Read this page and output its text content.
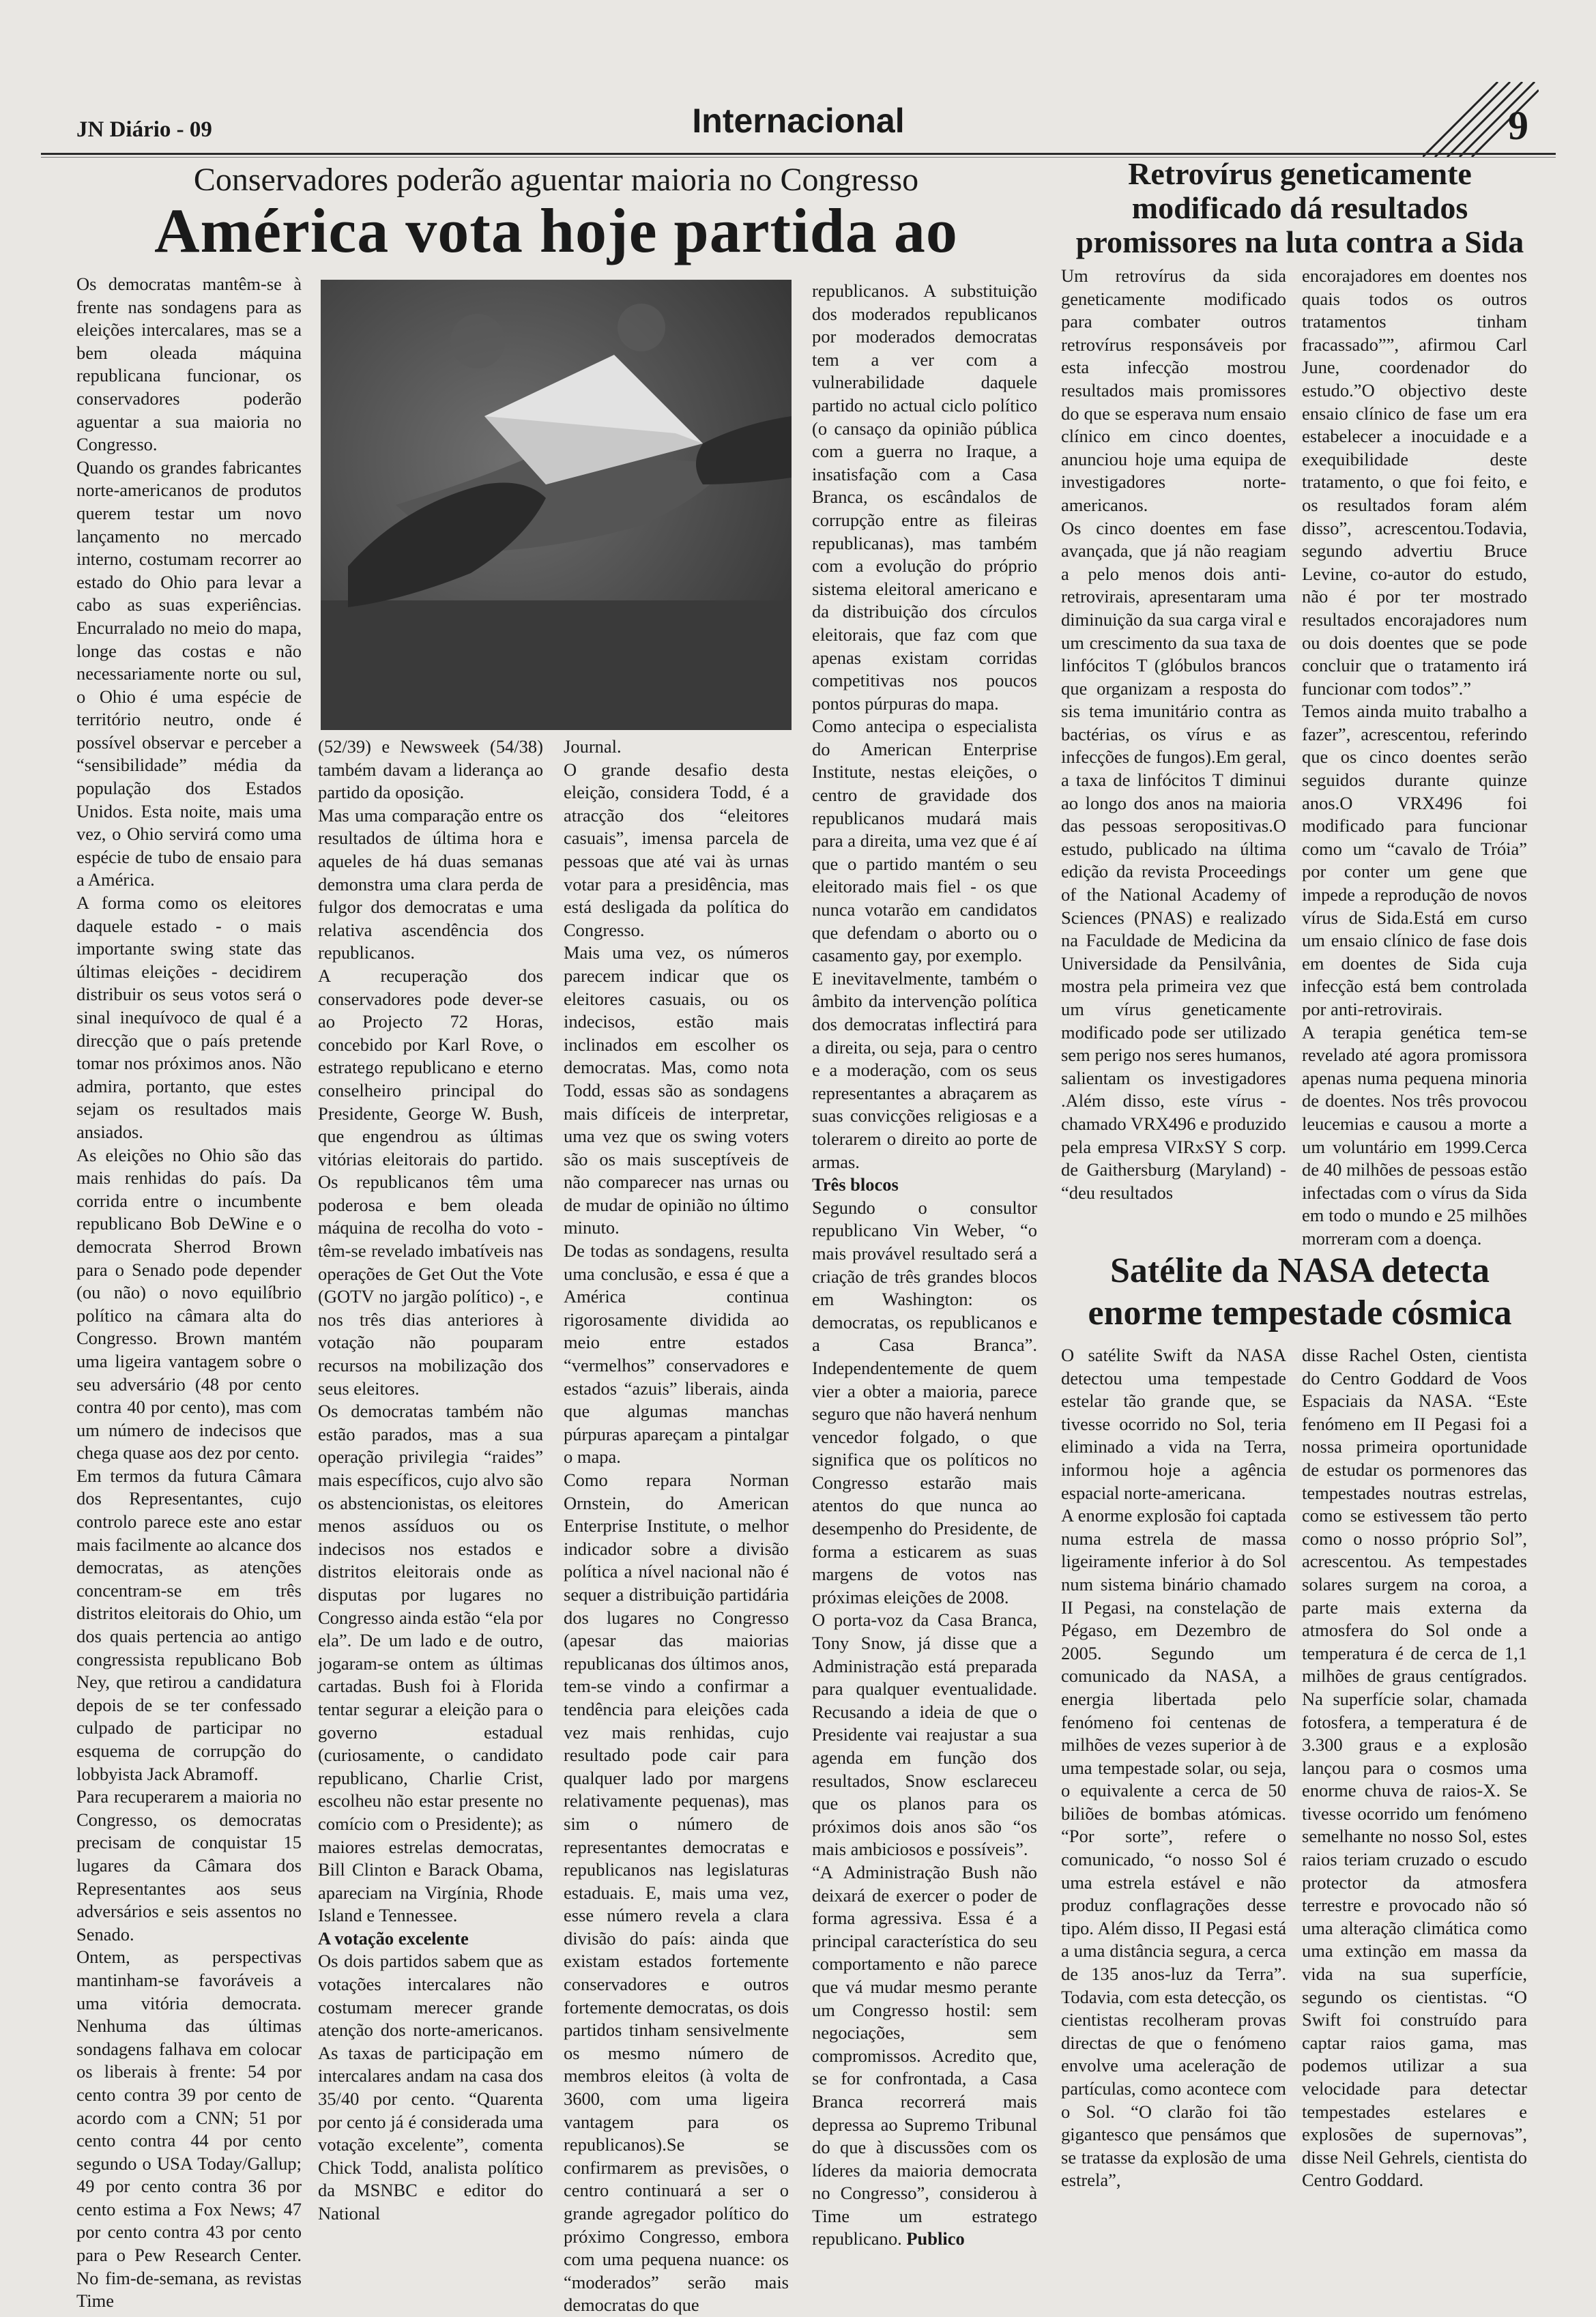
JN Diário - 09	Internacional	9
Conservadores poderão aguentar maioria no Congresso
América vota hoje partida ao

Os democratas mantêm-se à frente nas sondagens para as eleições intercalares, mas se a bem oleada máquina republicana funcionar, os conservadores poderão aguentar a sua maioria no Congresso.

Quando os grandes fabricantes norte-americanos de produtos querem testar um novo lançamento no mercado interno, costumam recorrer ao estado do Ohio para levar a cabo as suas experiências. Encurralado no meio do mapa, longe das costas e não necessariamente norte ou sul, o Ohio é uma espécie de território neutro, onde é possível observar e perceber a “sensibilidade” média da população dos Estados Unidos. Esta noite, mais uma vez, o Ohio servirá como uma espécie de tubo de ensaio para a América.

A forma como os eleitores daquele estado - o mais importante swing state das últimas eleições - decidirem distribuir os seus votos será o sinal inequívoco de qual é a direcção que o país pretende tomar nos próximos anos. Não admira, portanto, que estes sejam os resultados mais ansiados.

As eleições no Ohio são das mais renhidas do país. Da corrida entre o incumbente republicano Bob DeWine e o democrata Sherrod Brown para o Senado pode depender (ou não) o novo equilíbrio político na câmara alta do Congresso. Brown mantém uma ligeira vantagem sobre o seu adversário (48 por cento contra 40 por cento), mas com um número de indecisos que chega quase aos dez por cento.

Em termos da futura Câmara dos Representantes, cujo controlo parece este ano estar mais facilmente ao alcance dos democratas, as atenções concentram-se em três distritos eleitorais do Ohio, um dos quais pertencia ao antigo congressista republicano Bob Ney, que retirou a candidatura depois de se ter confessado culpado de participar no esquema de corrupção do lobbyista Jack Abramoff.

Para recuperarem a maioria no Congresso, os democratas precisam de conquistar 15 lugares da Câmara dos Representantes aos seus adversários e seis assentos no Senado.

Ontem, as perspectivas mantinham-se favoráveis a uma vitória democrata. Nenhuma das últimas sondagens falhava em colocar os liberais à frente: 54 por cento contra 39 por cento de acordo com a CNN; 51 por cento contra 44 por cento segundo o USA Today/Gallup; 49 por cento contra 36 por cento estima a Fox News; 47 por cento contra 43 por cento para o Pew Research Center. No fim-de-semana, as revistas Time

(52/39) e Newsweek (54/38) também davam a liderança ao partido da oposição.

Mas uma comparação entre os resultados de última hora e aqueles de há duas semanas demonstra uma clara perda de fulgor dos democratas e uma relativa ascendência dos republicanos.

A recuperação dos conservadores pode dever-se ao Projecto 72 Horas, concebido por Karl Rove, o estratego republicano e eterno conselheiro principal do Presidente, George W. Bush, que engendrou as últimas vitórias eleitorais do partido. Os republicanos têm uma poderosa e bem oleada máquina de recolha do voto - têm-se revelado imbatíveis nas operações de Get Out the Vote (GOTV no jargão político) -, e nos três dias anteriores à votação não pouparam recursos na mobilização dos seus eleitores.

Os democratas também não estão parados, mas a sua operação privilegia “raides” mais específicos, cujo alvo são os abstencionistas, os eleitores menos assíduos ou os indecisos nos estados e distritos eleitorais onde as disputas por lugares no Congresso ainda estão “ela por ela”. De um lado e de outro, jogaram-se ontem as últimas cartadas. Bush foi à Florida tentar segurar a eleição para o governo estadual (curiosamente, o candidato republicano, Charlie Crist, escolheu não estar presente no comício com o Presidente); as maiores estrelas democratas, Bill Clinton e Barack Obama, apareciam na Virgínia, Rhode Island e Tennessee.

A votação excelente

Os dois partidos sabem que as votações intercalares não costumam merecer grande atenção dos norte-americanos. As taxas de participação em intercalares andam na casa dos 35/40 por cento. “Quarenta por cento já é considerada uma votação excelente”, comenta Chick Todd, analista político da MSNBC e editor do National

Journal.

O grande desafio desta eleição, considera Todd, é a atracção dos “eleitores casuais”, imensa parcela de pessoas que até vai às urnas votar para a presidência, mas está desligada da política do Congresso.

Mais uma vez, os números parecem indicar que os eleitores casuais, ou os indecisos, estão mais inclinados em escolher os democratas. Mas, como nota Todd, essas são as sondagens mais difíceis de interpretar, uma vez que os swing voters são os mais susceptíveis de não comparecer nas urnas ou de mudar de opinião no último minuto.

De todas as sondagens, resulta uma conclusão, e essa é que a América continua rigorosamente dividida ao meio entre estados “vermelhos” conservadores e estados “azuis” liberais, ainda que algumas manchas púrpuras apareçam a pintalgar o mapa.

Como repara Norman Ornstein, do American Enterprise Institute, o melhor indicador sobre a divisão política a nível nacional não é sequer a distribuição partidária dos lugares no Congresso (apesar das maiorias republicanas dos últimos anos, tem-se vindo a confirmar a tendência para eleições cada vez mais renhidas, cujo resultado pode cair para qualquer lado por margens relativamente pequenas), mas sim o número de representantes democratas e republicanos nas legislaturas estaduais. E, mais uma vez, esse número revela a clara divisão do país: ainda que existam estados fortemente conservadores e outros fortemente democratas, os dois partidos tinham sensivelmente os mesmo número de membros eleitos (à volta de 3600, com uma ligeira vantagem para os republicanos).Se se confirmarem as previsões, o centro continuará a ser o grande agregador político do próximo Congresso, embora com uma pequena nuance: os “moderados” serão mais democratas do que

republicanos. A substituição dos moderados republicanos por moderados democratas tem a ver com a vulnerabilidade daquele partido no actual ciclo político (o cansaço da opinião pública com a guerra no Iraque, a insatisfação com a Casa Branca, os escândalos de corrupção entre as fileiras republicanas), mas também com a evolução do próprio sistema eleitoral americano e da distribuição dos círculos eleitorais, que faz com que apenas existam corridas competitivas nos poucos pontos púrpuras do mapa.

Como antecipa o especialista do American Enterprise Institute, nestas eleições, o centro de gravidade dos republicanos mudará mais para a direita, uma vez que é aí que o partido mantém o seu eleitorado mais fiel - os que nunca votarão em candidatos que defendam o aborto ou o casamento gay, por exemplo.

E inevitavelmente, também o âmbito da intervenção política dos democratas inflectirá para a direita, ou seja, para o centro e a moderação, com os seus representantes a abraçarem as suas convicções religiosas e a tolerarem o direito ao porte de armas.

Três blocos

Segundo o consultor republicano Vin Weber, “o mais provável resultado será a criação de três grandes blocos em Washington: os democratas, os republicanos e a Casa Branca”. Independentemente de quem vier a obter a maioria, parece seguro que não haverá nenhum vencedor folgado, o que significa que os políticos no Congresso estarão mais atentos do que nunca ao desempenho do Presidente, de forma a esticarem as suas margens de votos nas próximas eleições de 2008.

O porta-voz da Casa Branca, Tony Snow, já disse que a Administração está preparada para qualquer eventualidade. Recusando a ideia de que o Presidente vai reajustar a sua agenda em função dos resultados, Snow esclareceu que os planos para os próximos dois anos são “os mais ambiciosos e possíveis”.

“A Administração Bush não deixará de exercer o poder de forma agressiva. Essa é a principal característica do seu comportamento e não parece que vá mudar mesmo perante um Congresso hostil: sem negociações, sem compromissos. Acredito que, se for confrontada, a Casa Branca recorrerá mais depressa ao Supremo Tribunal do que à discussões com os líderes da maioria democrata no Congresso”, considerou à Time um estratego republicano. Publico

Retrovírus geneticamente modificado dá resultados promissores na luta contra a Sida

Um retrovírus da sida geneticamente modificado para combater outros retrovírus responsáveis por esta infecção mostrou resultados mais promissores do que se esperava num ensaio clínico em cinco doentes, anunciou hoje uma equipa de investigadores norte-americanos.

Os cinco doentes em fase avançada, que já não reagiam a pelo menos dois anti-retrovirais, apresentaram uma diminuição da sua carga viral e um crescimento da sua taxa de linfócitos T (glóbulos brancos que organizam a resposta do sis tema imunitário contra as bactérias, os vírus e as infecções de fungos).Em geral, a taxa de linfócitos T diminui ao longo dos anos na maioria das pessoas seropositivas.O estudo, publicado na última edição da revista Proceedings of the National Academy of Sciences (PNAS) e realizado na Faculdade de Medicina da Universidade da Pensilvânia, mostra pela primeira vez que um vírus geneticamente modificado pode ser utilizado sem perigo nos seres humanos, salientam os investigadores .Além disso, este vírus - chamado VRX496 e produzido pela empresa VIRxSY S corp. de Gaithersburg (Maryland) - “deu resultados

encorajadores em doentes nos quais todos os outros tratamentos tinham fracassado””, afirmou Carl June, coordenador do estudo.”O objectivo deste ensaio clínico de fase um era estabelecer a inocuidade e a exequibilidade deste tratamento, o que foi feito, e os resultados foram além disso”, acrescentou.Todavia, segundo advertiu Bruce Levine, co-autor do estudo, não é por ter mostrado resultados encorajadores num ou dois doentes que se pode concluir que o tratamento irá funcionar com todos”.”

Temos ainda muito trabalho a fazer”, acrescentou, referindo que os cinco doentes serão seguidos durante quinze anos.O VRX496 foi modificado para funcionar como um “cavalo de Tróia” por conter um gene que impede a reprodução de novos vírus de Sida.Está em curso um ensaio clínico de fase dois em doentes de Sida cuja infecção está bem controlada por anti-retrovirais.

A terapia genética tem-se revelado até agora promissora apenas numa pequena minoria de doentes. Nos três provocou leucemias e causou a morte a um voluntário em 1999.Cerca de 40 milhões de pessoas estão infectadas com o vírus da Sida em todo o mundo e 25 milhões morreram com a doença.

Satélite da NASA detecta enorme tempestade cósmica

O satélite Swift da NASA detectou uma tempestade estelar tão grande que, se tivesse ocorrido no Sol, teria eliminado a vida na Terra, informou hoje a agência espacial norte-americana.

A enorme explosão foi captada numa estrela de massa ligeiramente inferior à do Sol num sistema binário chamado II Pegasi, na constelação de Pégaso, em Dezembro de 2005. Segundo um comunicado da NASA, a energia libertada pelo fenómeno foi centenas de milhões de vezes superior à de uma tempestade solar, ou seja, o equivalente a cerca de 50 biliões de bombas atómicas. “Por sorte”, refere o comunicado, “o nosso Sol é uma estrela estável e não produz conflagrações desse tipo. Além disso, II Pegasi está a uma distância segura, a cerca de 135 anos-luz da Terra”. Todavia, com esta detecção, os cientistas recolheram provas directas de que o fenómeno envolve uma aceleração de partículas, como acontece com o Sol. “O clarão foi tão gigantesco que pensámos que se tratasse da explosão de uma estrela”,

disse Rachel Osten, cientista do Centro Goddard de Voos Espaciais da NASA. “Este fenómeno em II Pegasi foi a nossa primeira oportunidade de estudar os pormenores das tempestades noutras estrelas, como se estivessem tão perto como o nosso próprio Sol”, acrescentou. As tempestades solares surgem na coroa, a parte mais externa da atmosfera do Sol onde a temperatura é de cerca de 1,1 milhões de graus centígrados. Na superfície solar, chamada fotosfera, a temperatura é de 3.300 graus e a explosão lançou para o cosmos uma enorme chuva de raios-X. Se tivesse ocorrido um fenómeno semelhante no nosso Sol, estes raios teriam cruzado o escudo protector da atmosfera terrestre e provocado não só uma alteração climática como uma extinção em massa da vida na sua superfície, segundo os cientistas. “O Swift foi construído para captar raios gama, mas podemos utilizar a sua velocidade para detectar tempestades estelares e explosões de supernovas”, disse Neil Gehrels, cientista do Centro Goddard.
